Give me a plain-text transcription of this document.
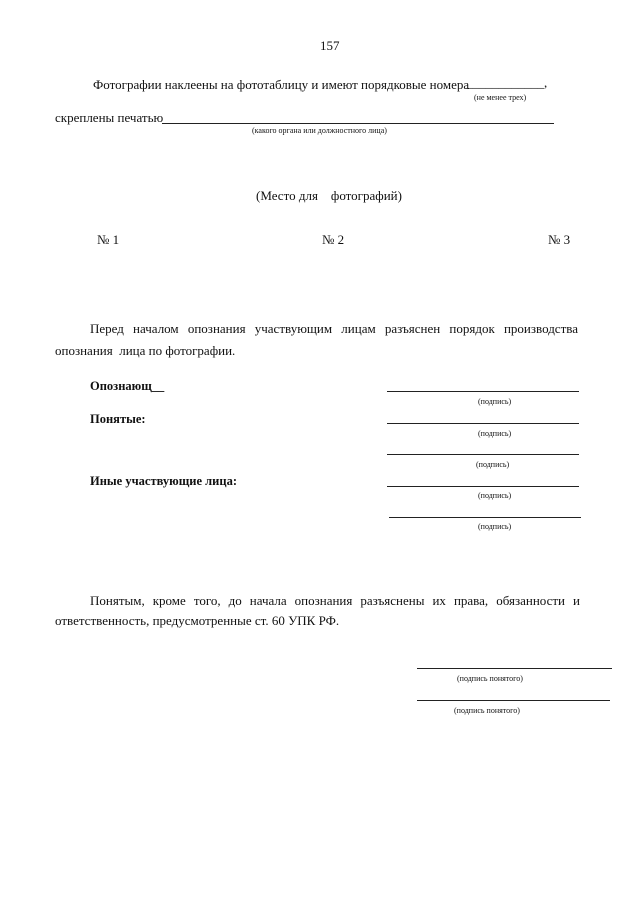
157
Фотографии наклеены на фототаблицу и имеют порядковые номера
____________,
(не менее трех)
скреплены печатью
(какого органа или должностного лица)
(Место для    фотографий)
№ 1	№ 2	№ 3
Перед началом опознания участвующим лицам разъяснен порядок производства
опознания  лица по фотографии.
Опознающ__
(подпись)
Понятые:
(подпись)
(подпись)
Иные участвующие лица:
(подпись)
(подпись)
Понятым, кроме того, до начала опознания разъяснены их права, обязанности и
ответственность, предусмотренные ст. 60 УПК РФ.
(подпись понятого)
(подпись понятого)
